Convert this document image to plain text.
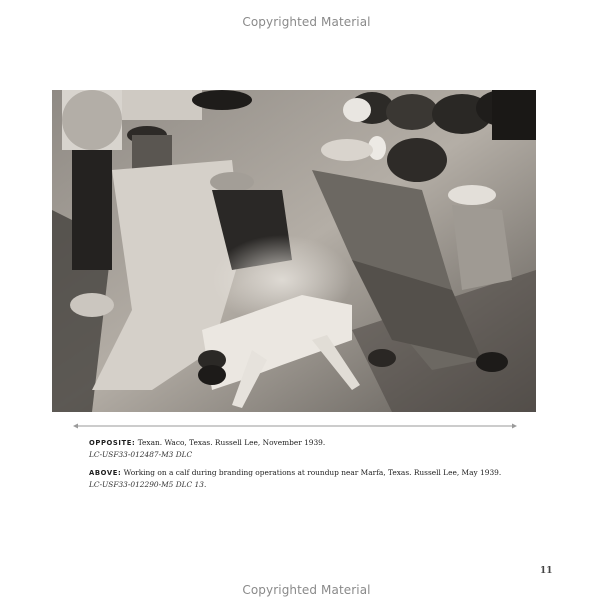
Copyrighted Material
OPPOSITE: Texan. Waco, Texas. Russell Lee, November 1939.
LC-USF33-012487-M3 DLC
ABOVE: Working on a calf during branding operations at roundup near Marfa, Texas. Russell Lee, May 1939.
LC-USF33-012290-M5 DLC 13.
11
Copyrighted Material
